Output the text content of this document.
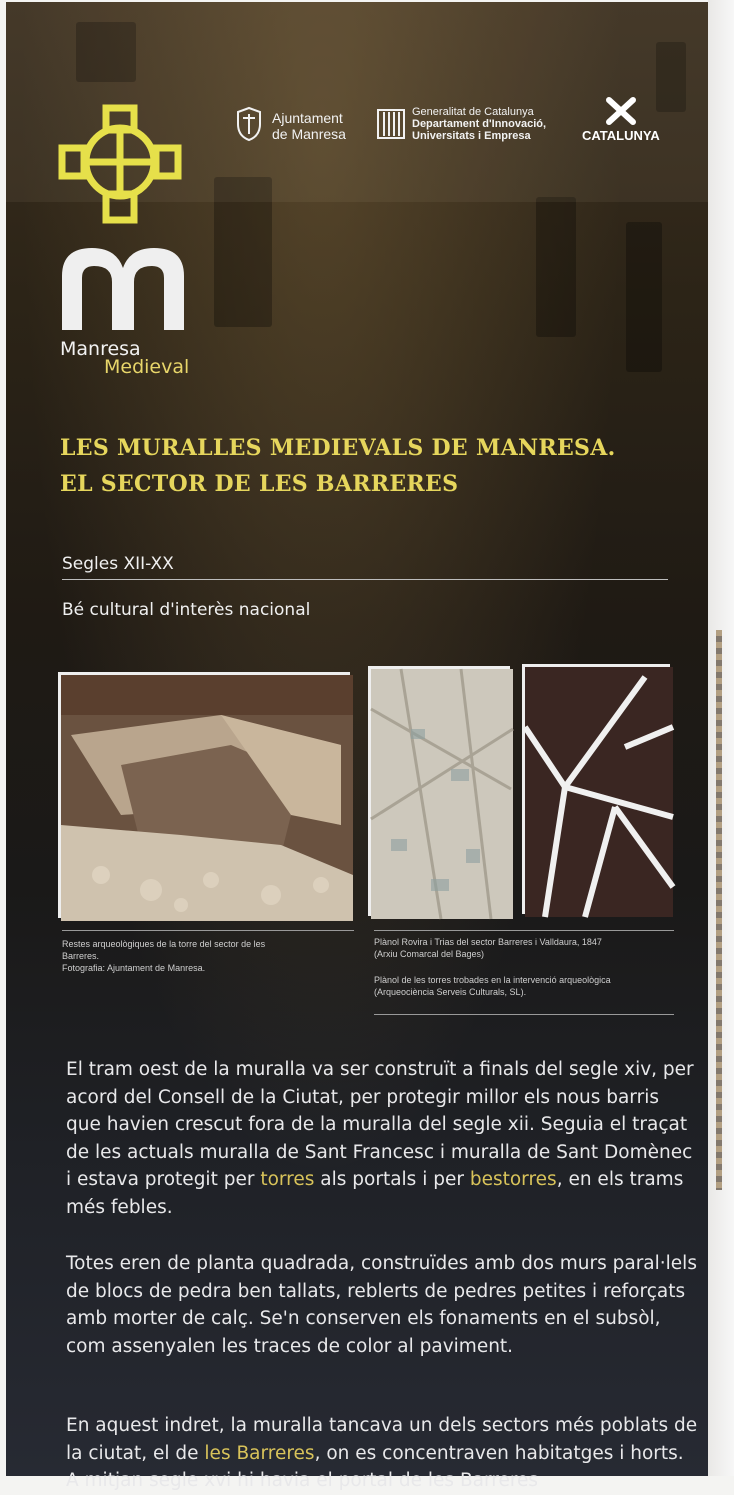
Manresa
Medieval
Ajuntament
de Manresa
Generalitat de Catalunya
Departament d'Innovació,
Universitats i Empresa	CATALUNYA
LES MURALLES MEDIEVALS DE MANRESA.
EL SECTOR DE LES BARRERES
Segles XII-XX
Bé cultural d'interès nacional
Restes arqueològiques de la torre del sector de les
Barreres.
Fotografia: Ajuntament de Manresa.
Plànol Rovira i Trias del sector Barreres i Valldaura, 1847
(Arxiu Comarcal del Bages)
Plànol de les torres trobades en la intervenció arqueològica
(Arqueociència Serveis Culturals, SL).
El tram oest de la muralla va ser construït a finals del segle xiv, per acord del Consell de la Ciutat, per protegir millor els nous barris que havien crescut fora de la muralla del segle xii. Seguia el traçat de les actuals muralla de Sant Francesc i muralla de Sant Domènec i estava protegit per torres als portals i per bestorres, en els trams més febles.
Totes eren de planta quadrada, construïdes amb dos murs paral·lels de blocs de pedra ben tallats, reblerts de pedres petites i reforçats amb morter de calç. Se'n conserven els fonaments en el subsòl, com assenyalen les traces de color al paviment.
En aquest indret, la muralla tancava un dels sectors més poblats de la ciutat, el de les Barreres, on es concentraven habitatges i horts. A mitjan segle xvi hi havia el portal de les Barreres
